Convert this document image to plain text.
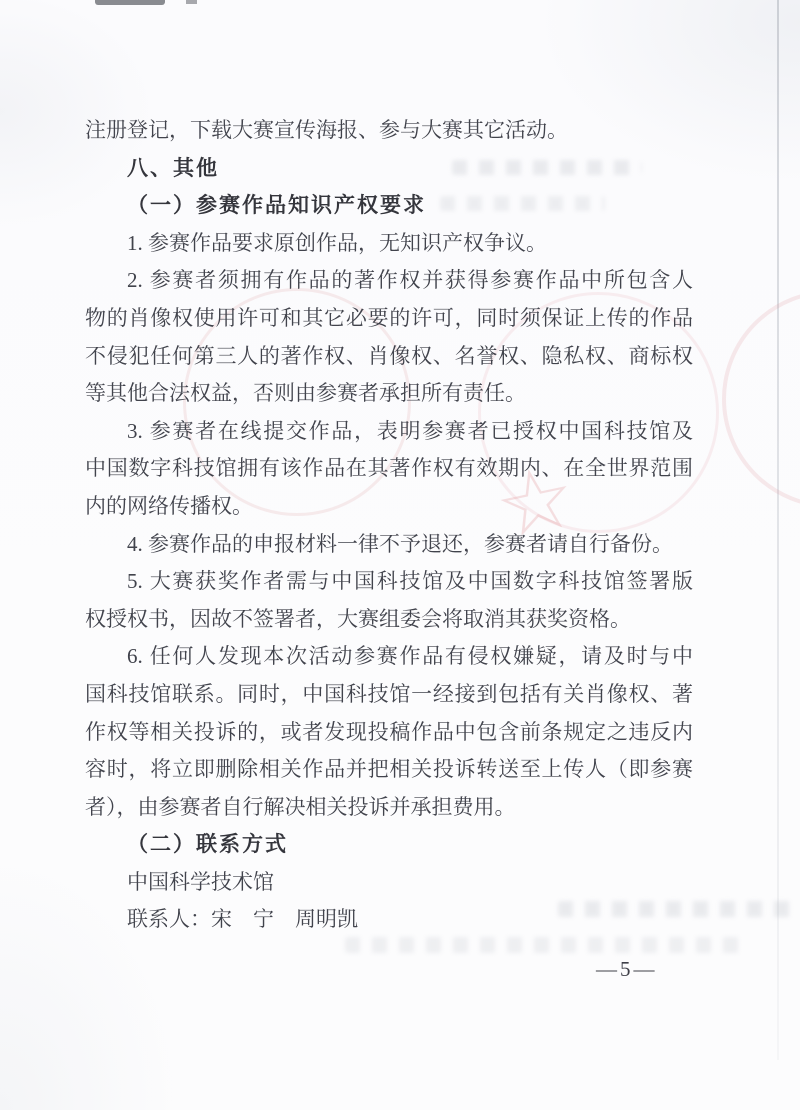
☆
注册登记，下载大赛宣传海报、参与大赛其它活动。
八、其他
（一）参赛作品知识产权要求
1. 参赛作品要求原创作品，无知识产权争议。
2. 参赛者须拥有作品的著作权并获得参赛作品中所包含人
物的肖像权使用许可和其它必要的许可，同时须保证上传的作品
不侵犯任何第三人的著作权、肖像权、名誉权、隐私权、商标权
等其他合法权益，否则由参赛者承担所有责任。
3. 参赛者在线提交作品，表明参赛者已授权中国科技馆及
中国数字科技馆拥有该作品在其著作权有效期内、在全世界范围
内的网络传播权。
4. 参赛作品的申报材料一律不予退还，参赛者请自行备份。
5. 大赛获奖作者需与中国科技馆及中国数字科技馆签署版
权授权书，因故不签署者，大赛组委会将取消其获奖资格。
6. 任何人发现本次活动参赛作品有侵权嫌疑，请及时与中
国科技馆联系。同时，中国科技馆一经接到包括有关肖像权、著
作权等相关投诉的，或者发现投稿作品中包含前条规定之违反内
容时，将立即删除相关作品并把相关投诉转送至上传人（即参赛
者），由参赛者自行解决相关投诉并承担费用。
（二）联系方式
中国科学技术馆
联系人：宋　宁　周明凯
—5—
